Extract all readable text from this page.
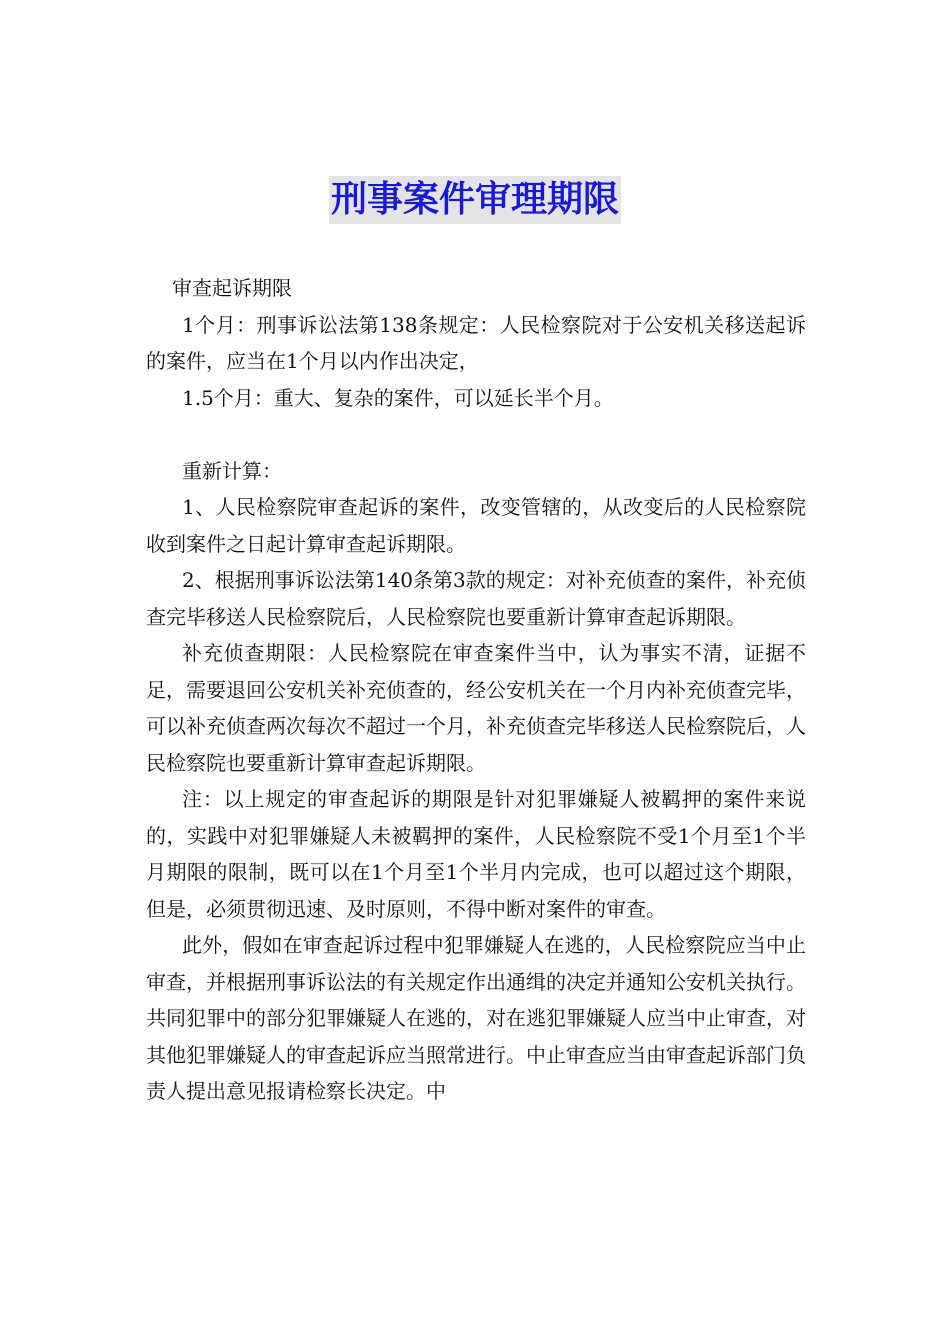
刑事案件审理期限

审查起诉期限

1个月：刑事诉讼法第138条规定：人民检察院对于公安机关移送起诉的案件，应当在1个月以内作出决定，

1.5个月：重大、复杂的案件，可以延长半个月。

重新计算：

1、人民检察院审查起诉的案件，改变管辖的，从改变后的人民检察院收到案件之日起计算审查起诉期限。

2、根据刑事诉讼法第140条第3款的规定：对补充侦查的案件，补充侦查完毕移送人民检察院后，人民检察院也要重新计算审查起诉期限。

补充侦查期限：人民检察院在审查案件当中，认为事实不清，证据不足，需要退回公安机关补充侦查的，经公安机关在一个月内补充侦查完毕，可以补充侦查两次每次不超过一个月，补充侦查完毕移送人民检察院后，人民检察院也要重新计算审查起诉期限。

注：以上规定的审查起诉的期限是针对犯罪嫌疑人被羁押的案件来说的，实践中对犯罪嫌疑人未被羁押的案件，人民检察院不受1个月至1个半月期限的限制，既可以在1个月至1个半月内完成，也可以超过这个期限，但是，必须贯彻迅速、及时原则，不得中断对案件的审查。

此外，假如在审查起诉过程中犯罪嫌疑人在逃的，人民检察院应当中止审查，并根据刑事诉讼法的有关规定作出通缉的决定并通知公安机关执行。共同犯罪中的部分犯罪嫌疑人在逃的，对在逃犯罪嫌疑人应当中止审查，对其他犯罪嫌疑人的审查起诉应当照常进行。中止审查应当由审查起诉部门负责人提出意见报请检察长决定。中
